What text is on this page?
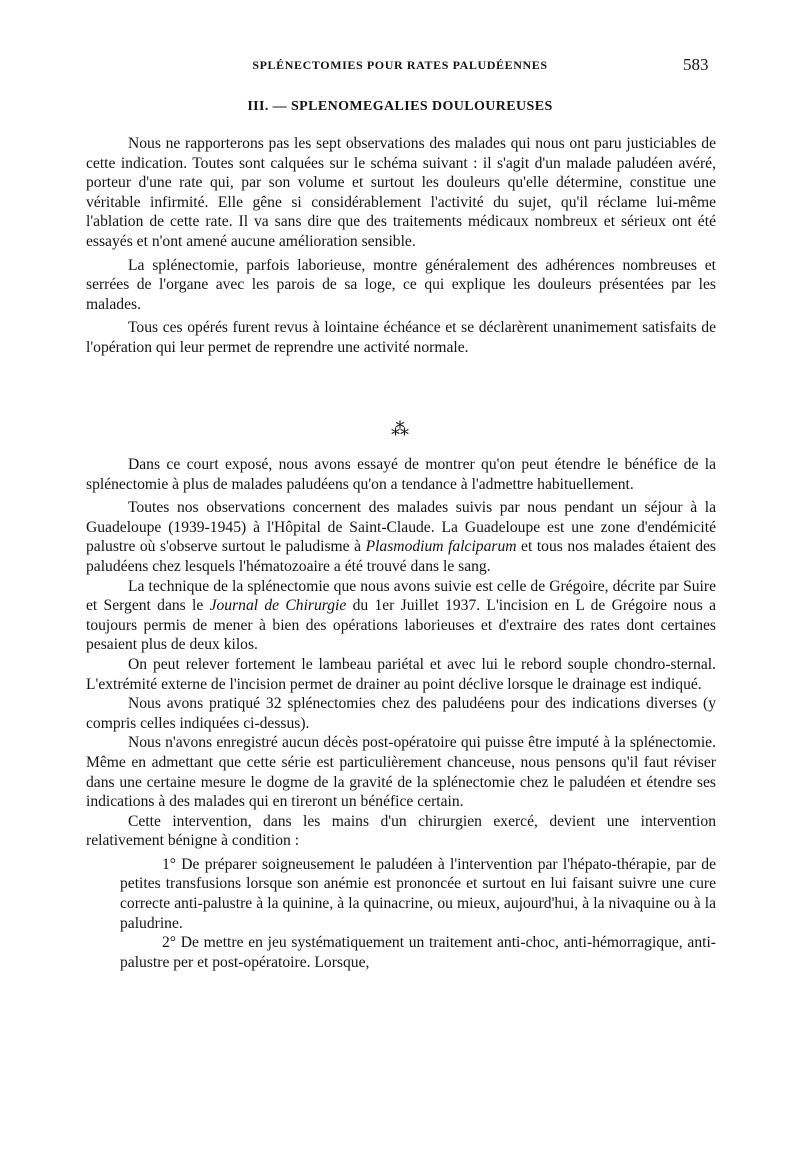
SPLÉNECTOMIES POUR RATES PALUDÉENNES	583
III. — SPLENOMEGALIES DOULOUREUSES

Nous ne rapporterons pas les sept observations des malades qui nous ont paru justiciables de cette indication. Toutes sont calquées sur le schéma suivant : il s'agit d'un malade paludéen avéré, porteur d'une rate qui, par son volume et surtout les douleurs qu'elle détermine, constitue une véritable infirmité. Elle gêne si considérablement l'activité du sujet, qu'il réclame lui-même l'ablation de cette rate. Il va sans dire que des traitements médicaux nombreux et sérieux ont été essayés et n'ont amené aucune amélioration sensible.

La splénectomie, parfois laborieuse, montre généralement des adhérences nombreuses et serrées de l'organe avec les parois de sa loge, ce qui explique les douleurs présentées par les malades.

Tous ces opérés furent revus à lointaine échéance et se déclarèrent unanimement satisfaits de l'opération qui leur permet de reprendre une activité normale.

⁂

Dans ce court exposé, nous avons essayé de montrer qu'on peut étendre le bénéfice de la splénectomie à plus de malades paludéens qu'on a tendance à l'admettre habituellement.

Toutes nos observations concernent des malades suivis par nous pendant un séjour à la Guadeloupe (1939-1945) à l'Hôpital de Saint-Claude. La Guadeloupe est une zone d'endémicité palustre où s'observe surtout le paludisme à Plasmodium falciparum et tous nos malades étaient des paludéens chez lesquels l'hématozoaire a été trouvé dans le sang.

La technique de la splénectomie que nous avons suivie est celle de Grégoire, décrite par Suire et Sergent dans le Journal de Chirurgie du 1er Juillet 1937. L'incision en L de Grégoire nous a toujours permis de mener à bien des opérations laborieuses et d'extraire des rates dont certaines pesaient plus de deux kilos.

On peut relever fortement le lambeau pariétal et avec lui le rebord souple chondro-sternal. L'extrémité externe de l'incision permet de drainer au point déclive lorsque le drainage est indiqué.

Nous avons pratiqué 32 splénectomies chez des paludéens pour des indications diverses (y compris celles indiquées ci-dessus).

Nous n'avons enregistré aucun décès post-opératoire qui puisse être imputé à la splénectomie. Même en admettant que cette série est particulièrement chanceuse, nous pensons qu'il faut réviser dans une certaine mesure le dogme de la gravité de la splénectomie chez le paludéen et étendre ses indications à des malades qui en tireront un bénéfice certain.

Cette intervention, dans les mains d'un chirurgien exercé, devient une intervention relativement bénigne à condition :

1° De préparer soigneusement le paludéen à l'intervention par l'hépato-thérapie, par de petites transfusions lorsque son anémie est prononcée et surtout en lui faisant suivre une cure correcte anti-palustre à la quinine, à la quinacrine, ou mieux, aujourd'hui, à la nivaquine ou à la paludrine.

2° De mettre en jeu systématiquement un traitement anti-choc, anti-hémorragique, anti-palustre per et post-opératoire. Lorsque,
